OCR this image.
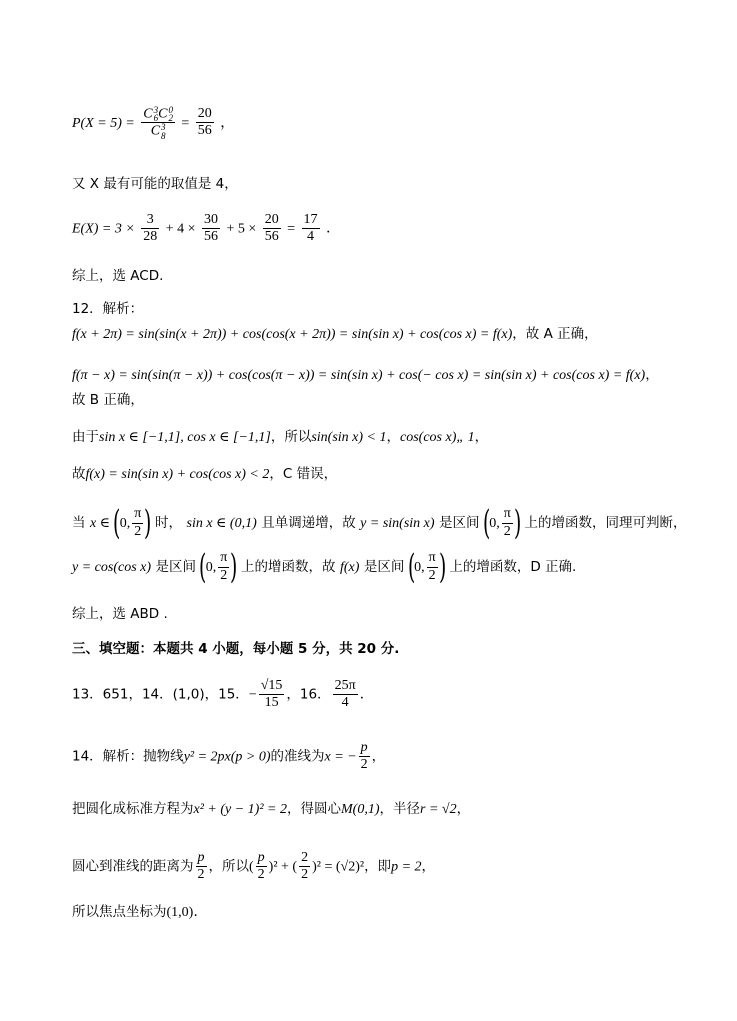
P(X = 5) = C 3
6 C 0
2
C 3
$8 = \frac{20}{56}$ ，
又 X 最有可能的取值是 4，
$E(X) = 3 \times \frac{3}{28} + 4 \times \frac{30}{56} + 5 \times \frac{20}{56} = \frac{17}{4}$ .
综上，选 ACD.
12．解析：
f(x + 2π) = sin(sin(x + 2π)) + cos(cos(x + 2π)) = sin(sin x) + cos(cos x) = f(x)，故 A 正确，
f(π − x) = sin(sin(π − x)) + cos(cos(π − x)) = sin(sin x) + cos(− cos x) = sin(sin x) + cos(cos x) = f(x)，
故 B 正确，
由于sin x ∈ [−1,1], cos x ∈ [−1,1]，所以sin(sin x) < 1，cos(cos x)„ 1，
故f(x) = sin(sin x) + cos(cos x) < 2，C 错误，
当 x ∈ (0, $\frac{\pi}{2}$ ) 时， sin x ∈ (0,1) 且单调递增，故 y = sin(sin x) 是区间 (0, $\frac{\pi}{2}$ ) 上的增函数，同理可判断，
y = cos(cos x) 是区间 (0, $\frac{\pi}{2}$ ) 上的增函数，故 f(x) 是区间 (0, $\frac{\pi}{2}$ ) 上的增函数，D 正确.
综上，选 ABD .
三、填空题：本题共 4 小题，每小题 5 分，共 20 分.
13．651，14．(1,0)，15．− $\frac{√15}{15}$ ，16． $\frac{25\pi}{4}$ .
14．解析：抛物线y² = 2px(p > 0)的准线为x = − $\frac{p}{2}$ ，
把圆化成标准方程为x² + (y − 1)² = 2，得圆心M(0,1)，半径r = √2，
圆心到准线的距离为 $\frac{p}{2}$ ，所以( $\frac{p}{2} )^2$ + ( $\frac{2}{2} )^2 = (√2)^2$，即p = 2，
所以焦点坐标为(1,0).
